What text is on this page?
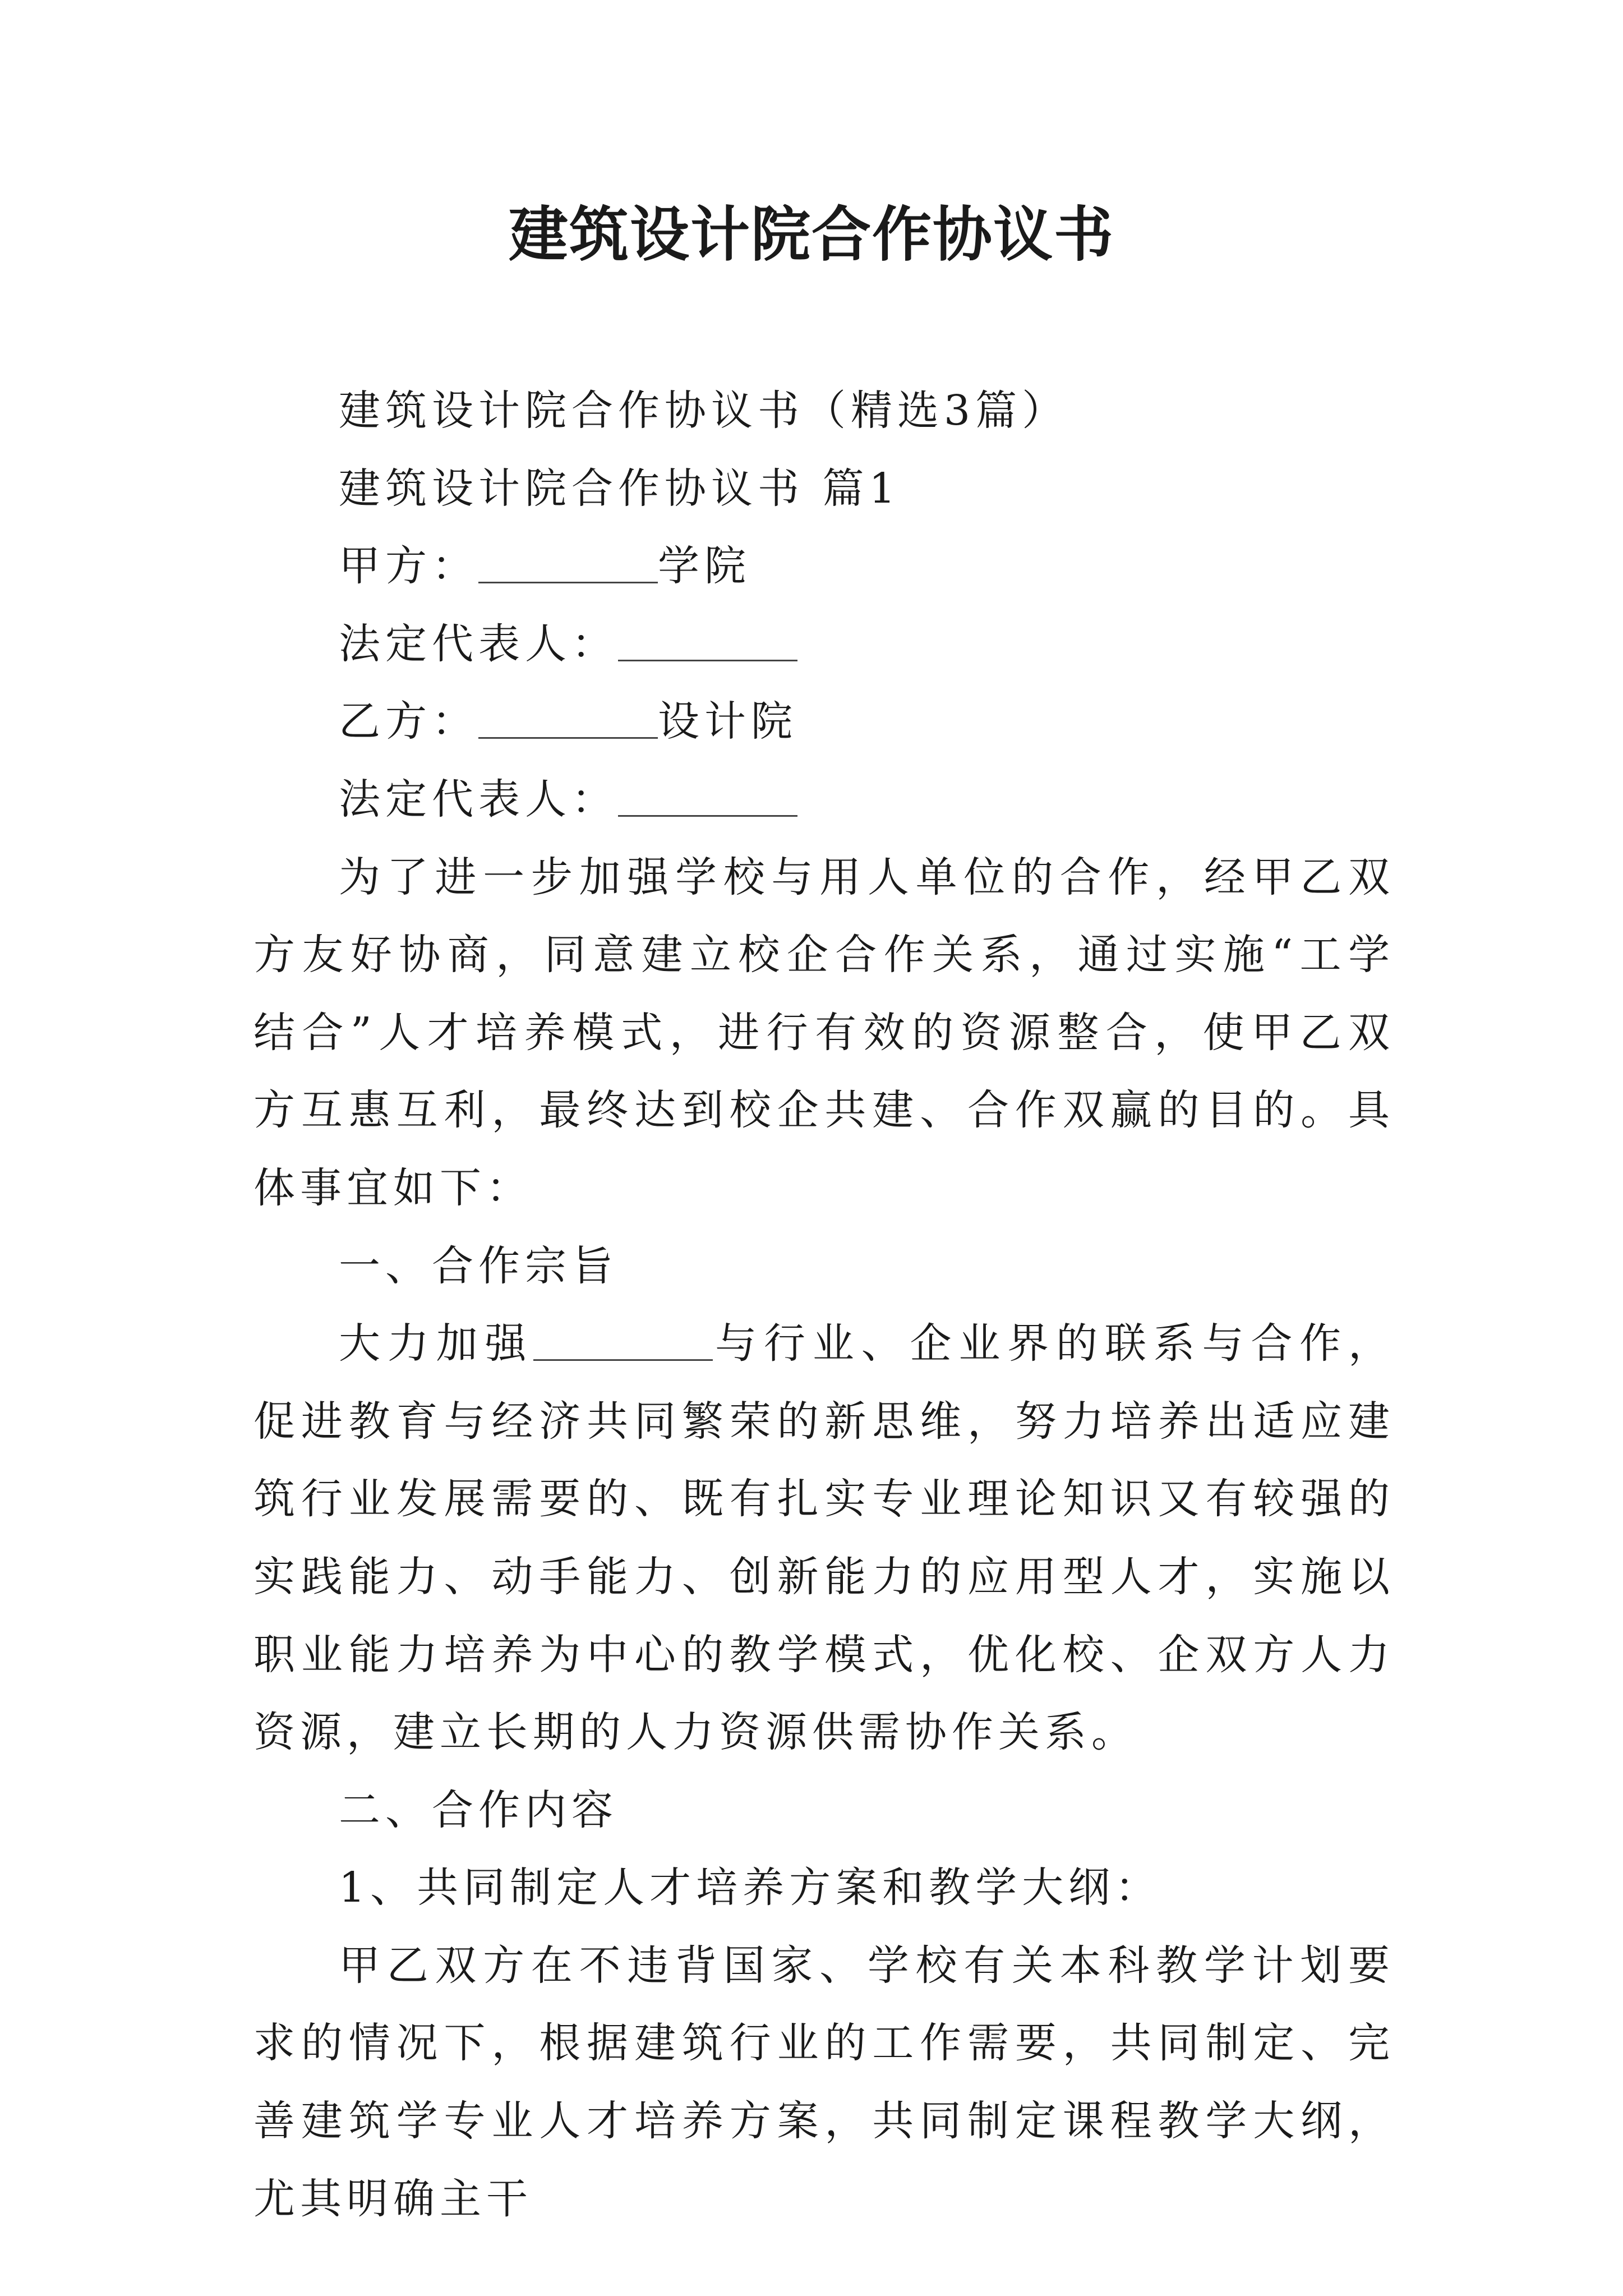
建筑设计院合作协议书

建筑设计院合作协议书（精选3篇）

建筑设计院合作协议书 篇1

甲方：	学院

法定代表人：

乙方：	设计院

法定代表人：

为了进一步加强学校与用人单位的合作，经甲乙双方友好协商，同意建立校企合作关系，通过实施“工学结合”人才培养模式，进行有效的资源整合，使甲乙双方互惠互利，最终达到校企共建、合作双赢的目的。具体事宜如下：

一、合作宗旨

大力加强	与行业、企业界的联系与合作，促进教育与经济共同繁荣的新思维，努力培养出适应建筑行业发展需要的、既有扎实专业理论知识又有较强的实践能力、动手能力、创新能力的应用型人才，实施以职业能力培养为中心的教学模式，优化校、企双方人力资源，建立长期的人力资源供需协作关系。

二、合作内容

1、共同制定人才培养方案和教学大纲：

甲乙双方在不违背国家、学校有关本科教学计划要求的情况下，根据建筑行业的工作需要，共同制定、完善建筑学专业人才培养方案，共同制定课程教学大纲，尤其明确主干
